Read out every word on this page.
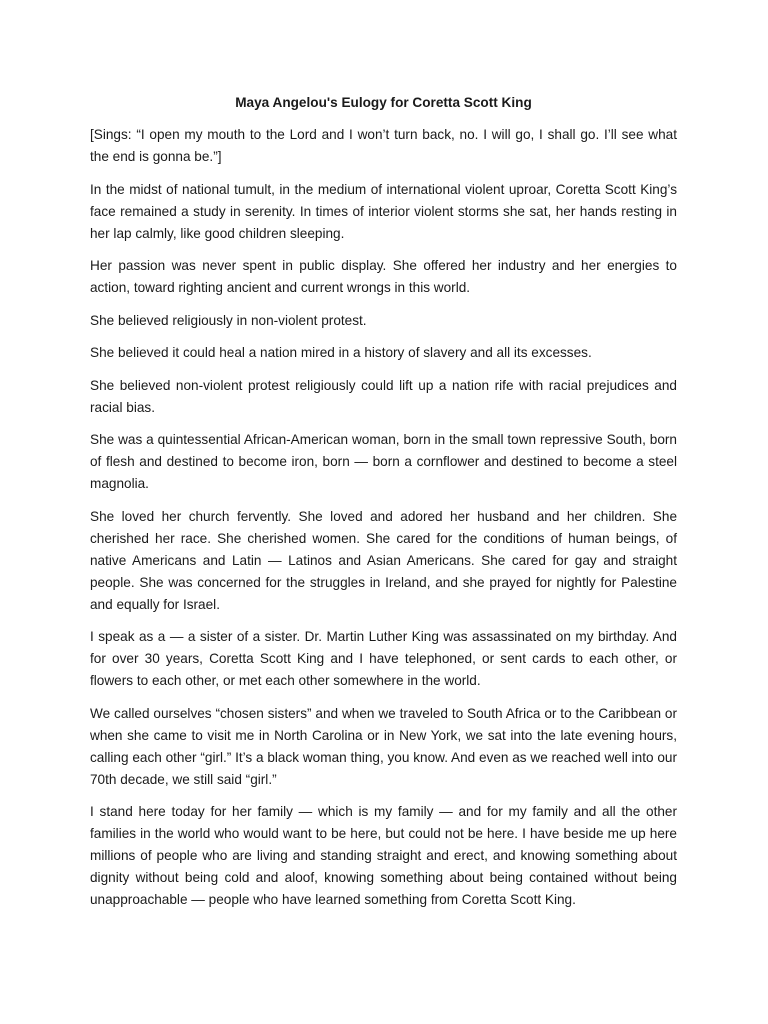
Maya Angelou's Eulogy for Coretta Scott King

[Sings: “I open my mouth to the Lord and I won’t turn back, no. I will go, I shall go. I’ll see what the end is gonna be.”]

In the midst of national tumult, in the medium of international violent uproar, Coretta Scott King’s face remained a study in serenity. In times of interior violent storms she sat, her hands resting in her lap calmly, like good children sleeping.

Her passion was never spent in public display. She offered her industry and her energies to action, toward righting ancient and current wrongs in this world.

She believed religiously in non-violent protest.

She believed it could heal a nation mired in a history of slavery and all its excesses.

She believed non-violent protest religiously could lift up a nation rife with racial prejudices and racial bias.

She was a quintessential African-American woman, born in the small town repressive South, born of flesh and destined to become iron, born — born a cornflower and destined to become a steel magnolia.

She loved her church fervently. She loved and adored her husband and her children. She cherished her race. She cherished women. She cared for the conditions of human beings, of native Americans and Latin — Latinos and Asian Americans. She cared for gay and straight people. She was concerned for the struggles in Ireland, and she prayed for nightly for Palestine and equally for Israel.

I speak as a — a sister of a sister. Dr. Martin Luther King was assassinated on my birthday. And for over 30 years, Coretta Scott King and I have telephoned, or sent cards to each other, or flowers to each other, or met each other somewhere in the world.

We called ourselves “chosen sisters” and when we traveled to South Africa or to the Caribbean or when she came to visit me in North Carolina or in New York, we sat into the late evening hours, calling each other “girl.” It’s a black woman thing, you know. And even as we reached well into our 70th decade, we still said “girl.”

I stand here today for her family — which is my family — and for my family and all the other families in the world who would want to be here, but could not be here. I have beside me up here millions of people who are living and standing straight and erect, and knowing something about dignity without being cold and aloof, knowing something about being contained without being unapproachable — people who have learned something from Coretta Scott King.
